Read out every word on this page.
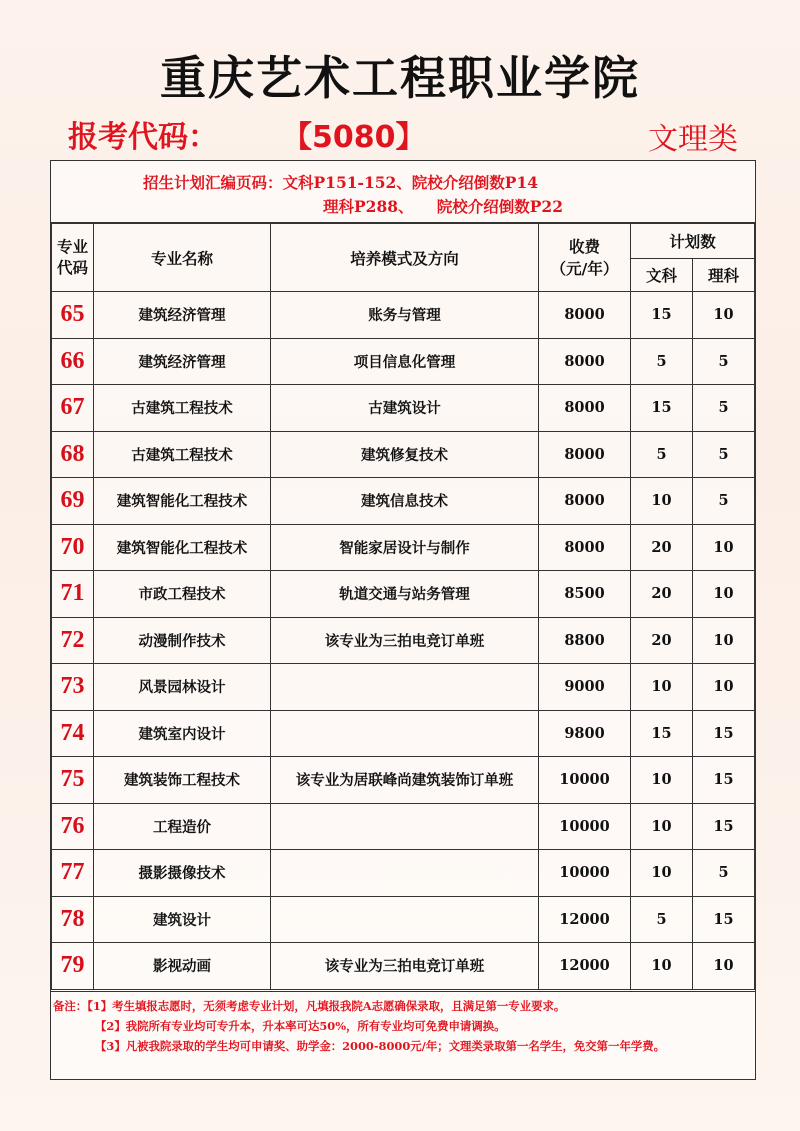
重庆艺术工程职业学院
报考代码： 【5080】	文理类
招生计划汇编页码：文科P151-152、院校介绍倒数P14
理科P288、　　院校介绍倒数P22
专业
代码	专业名称	培养模式及方向	收费
（元/年）	计划数	
				文科	理科
65	建筑经济管理	账务与管理	8000	15	10
66	建筑经济管理	项目信息化管理	8000	5	5
67	古建筑工程技术	古建筑设计	8000	15	5
68	古建筑工程技术	建筑修复技术	8000	5	5
69	建筑智能化工程技术	建筑信息技术	8000	10	5
70	建筑智能化工程技术	智能家居设计与制作	8000	20	10
71	市政工程技术	轨道交通与站务管理	8500	20	10
72	动漫制作技术	该专业为三拍电竞订单班	8800	20	10
73	风景园林设计		9000	10	10
74	建筑室内设计		9800	15	15
75	建筑装饰工程技术	该专业为居联峰尚建筑装饰订单班	10000	10	15
76	工程造价		10000	10	15
77	摄影摄像技术		10000	10	5
78	建筑设计		12000	5	15
79	影视动画	该专业为三拍电竞订单班	12000	10	10
备注：【1】考生填报志愿时，无须考虑专业计划，凡填报我院A志愿确保录取，且满足第一专业要求。
【2】我院所有专业均可专升本，升本率可达50%，所有专业均可免费申请调换。
【3】凡被我院录取的学生均可申请奖、助学金：2000-8000元/年；文理类录取第一名学生，免交第一年学费。
